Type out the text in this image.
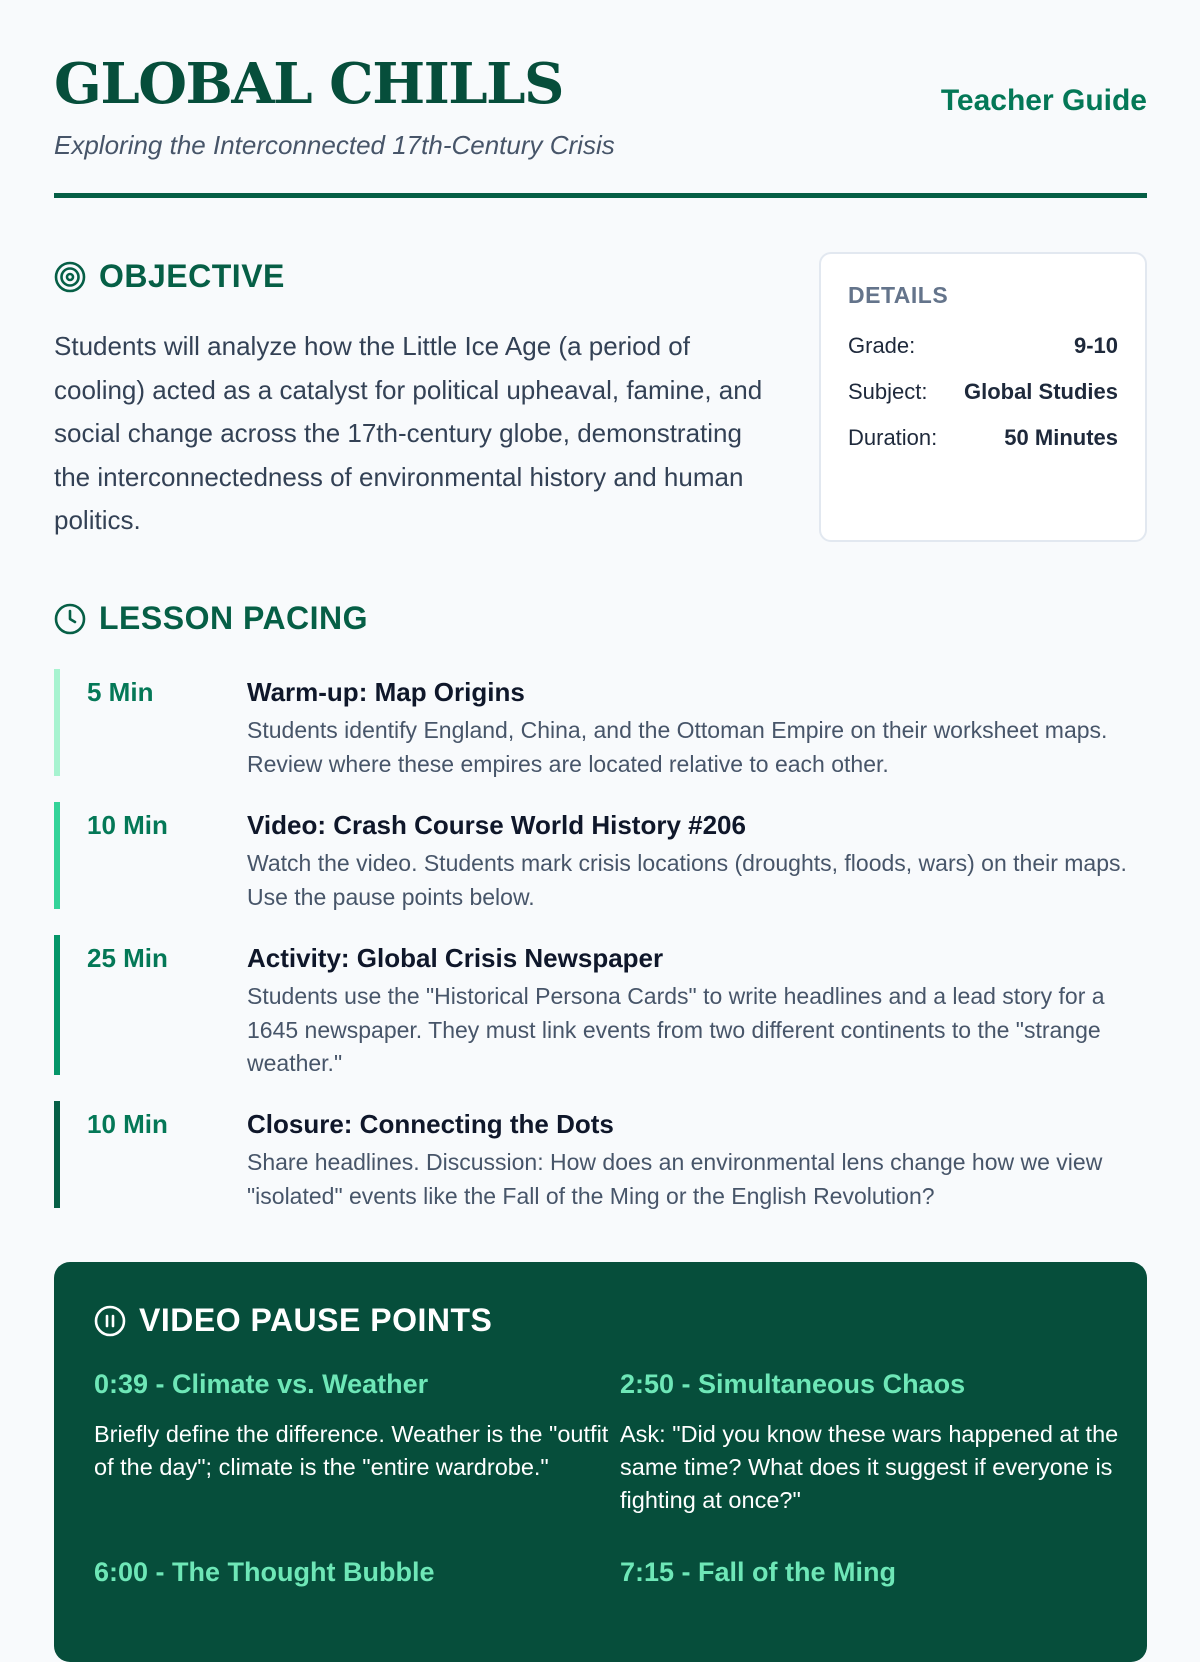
GLOBAL CHILLS

Exploring the Interconnected 17th-Century Crisis

Teacher Guide
OBJECTIVE

Students will analyze how the Little Ice Age (a period of cooling) acted as a catalyst for political upheaval, famine, and social change across the 17th-century globe, demonstrating the interconnectedness of environmental history and human politics.

DETAILS
Grade:	9-10
Subject: Global Studies
Duration:	50 Minutes
LESSON PACING
5 Min	Warm-up: Map Origins

Students identify England, China, and the Ottoman Empire on their worksheet maps. Review where these empires are located relative to each other.

10 Min	Video: Crash Course World History #206

Watch the video. Students mark crisis locations (droughts, floods, wars) on their maps. Use the pause points below.

25 Min	Activity: Global Crisis Newspaper

Students use the "Historical Persona Cards" to write headlines and a lead story for a 1645 newspaper. They must link events from two different continents to the "strange weather."

10 Min	Closure: Connecting the Dots

Share headlines. Discussion: How does an environmental lens change how we view "isolated" events like the Fall of the Ming or the English Revolution?

VIDEO PAUSE POINTS

0:39 - Climate vs. Weather

Briefly define the difference. Weather is the "outfit of the day"; climate is the "entire wardrobe."

2:50 - Simultaneous Chaos

Ask: "Did you know these wars happened at the same time? What does it suggest if everyone is fighting at once?"

6:00 - The Thought Bubble	7:15 - Fall of the Ming
